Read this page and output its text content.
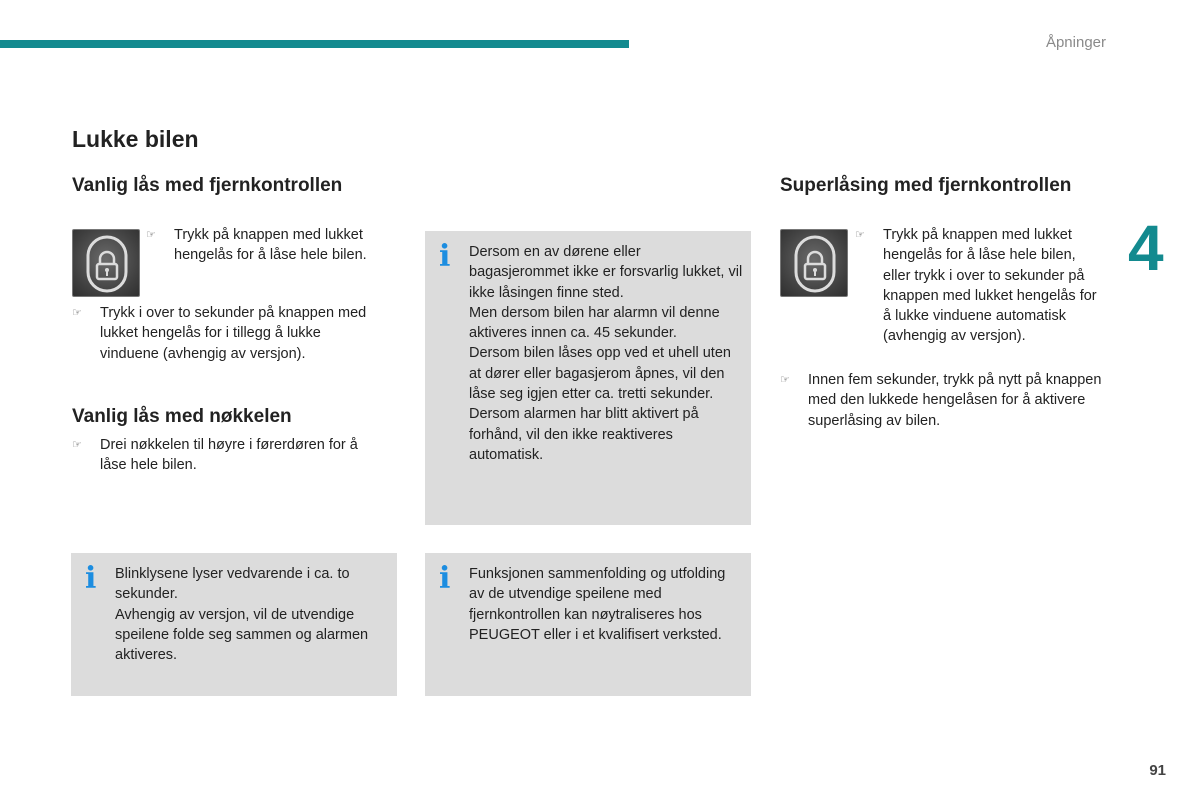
Åpninger
4
Lukke bilen
Vanlig lås med fjernkontrollen
☞	Trykk på knappen med lukket hengelås for å låse hele bilen.
☞	Trykk i over to sekunder på knappen med lukket hengelås for i tillegg å lukke vinduene (avhengig av versjon).
Vanlig lås med nøkkelen
☞	Drei nøkkelen til høyre i førerdøren for å låse hele bilen.
i Blinklysene lyser vedvarende i ca. to sekunder.
Avhengig av versjon, vil de utvendige speilene folde seg sammen og alarmen aktiveres.
i Dersom en av dørene eller bagasjerommet ikke er forsvarlig lukket, vil ikke låsingen finne sted.
Men dersom bilen har alarmn vil denne aktiveres innen ca. 45 sekunder.
Dersom bilen låses opp ved et uhell uten at dører eller bagasjerom åpnes, vil den låse seg igjen etter ca. tretti sekunder.
Dersom alarmen har blitt aktivert på forhånd, vil den ikke reaktiveres automatisk.
i Funksjonen sammenfolding og utfolding av de utvendige speilene med fjernkontrollen kan nøytraliseres hos PEUGEOT eller i et kvalifisert verksted.
Superlåsing med fjernkontrollen
☞	Trykk på knappen med lukket hengelås for å låse hele bilen, eller trykk i over to sekunder på knappen med lukket hengelås for å lukke vinduene automatisk (avhengig av versjon).
☞	Innen fem sekunder, trykk på nytt på knappen med den lukkede hengelåsen for å aktivere superlåsing av bilen.
91
